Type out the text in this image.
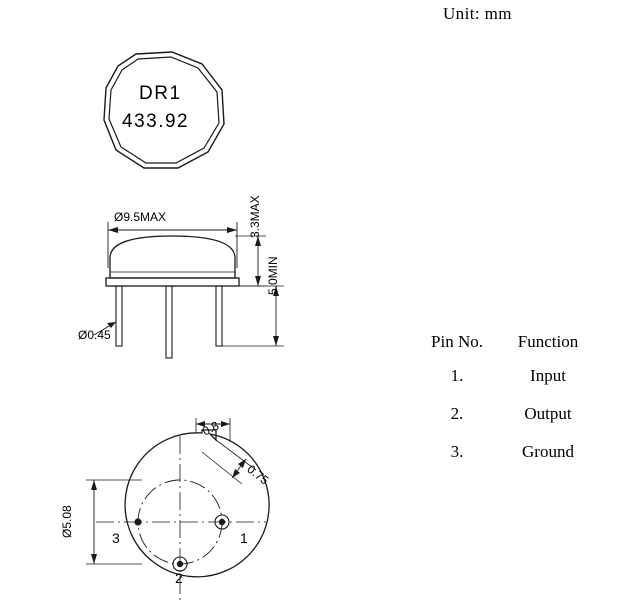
Unit: mm
DR1
433.92
Ø9.5MAX	3.3MAX
5.0MIN
Ø0.45
Ø5.08
0.8
0.75
3	1
2
Pin No.	Function
1.	Input
2.	Output
3.	Ground
